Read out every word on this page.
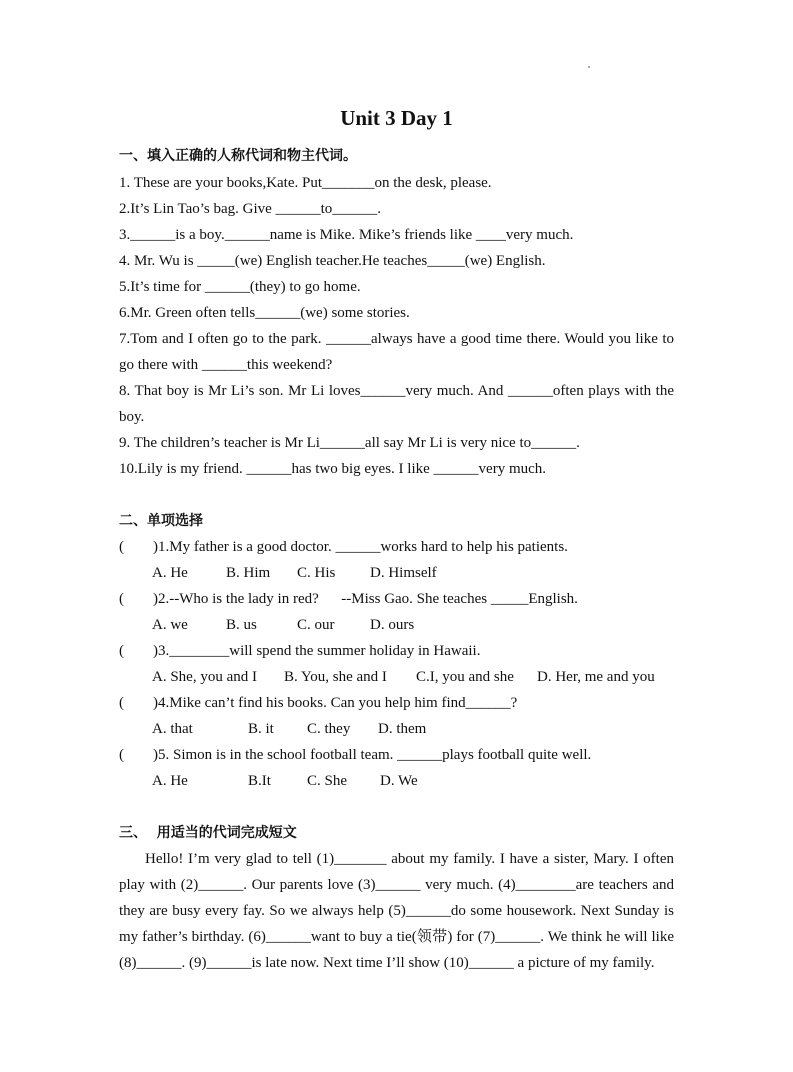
Unit 3 Day 1
一、填入正确的人称代词和物主代词。
1. These are your books,Kate. Put_______on the desk, please.
2.It’s Lin Tao’s bag. Give ______to______.
3.______is a boy.______name is Mike. Mike’s friends like ____very much.
4. Mr. Wu is _____(we) English teacher.He teaches_____(we) English.
5.It’s time for ______(they) to go home.
6.Mr. Green often tells______(we) some stories.
7.Tom and I often go to the park. ______always have a good time there. Would you like to go there with ______this weekend?
8. That boy is Mr Li’s son. Mr Li loves______very much. And ______often plays with the boy.
9. The children’s teacher is Mr Li______all say Mr Li is very nice to______.
10.Lily is my friend. ______has two big eyes. I like ______very much.
二、单项选择
( )1.My father is a good doctor. ______works hard to help his patients.
A. He	B. Him C. His D. Himself
( )2.--Who is the lady in red?      --Miss Gao. She teaches _____English.
A. we	B. us	C. our D. ours
( )3.________will spend the summer holiday in Hawaii.
A. She, you and I B. You, she and I C.I, you and she D. Her, me and you
( )4.Mike can’t find his books. Can you help him find______?
A. that	B. it C. they D. them
( )5. Simon is in the school football team. ______plays football quite well.
A. He	B.It C. She D. We
三、  用适当的代词完成短文
Hello! I’m very glad to tell (1)_______ about my family. I have a sister, Mary. I often play with (2)______. Our parents love (3)______ very much. (4)________are teachers and they are busy every fay. So we always help (5)______do some housework. Next Sunday is my father’s birthday. (6)______want to buy a tie(领带) for (7)______. We think he will like (8)______. (9)______is late now. Next time I’ll show (10)______ a picture of my family.
